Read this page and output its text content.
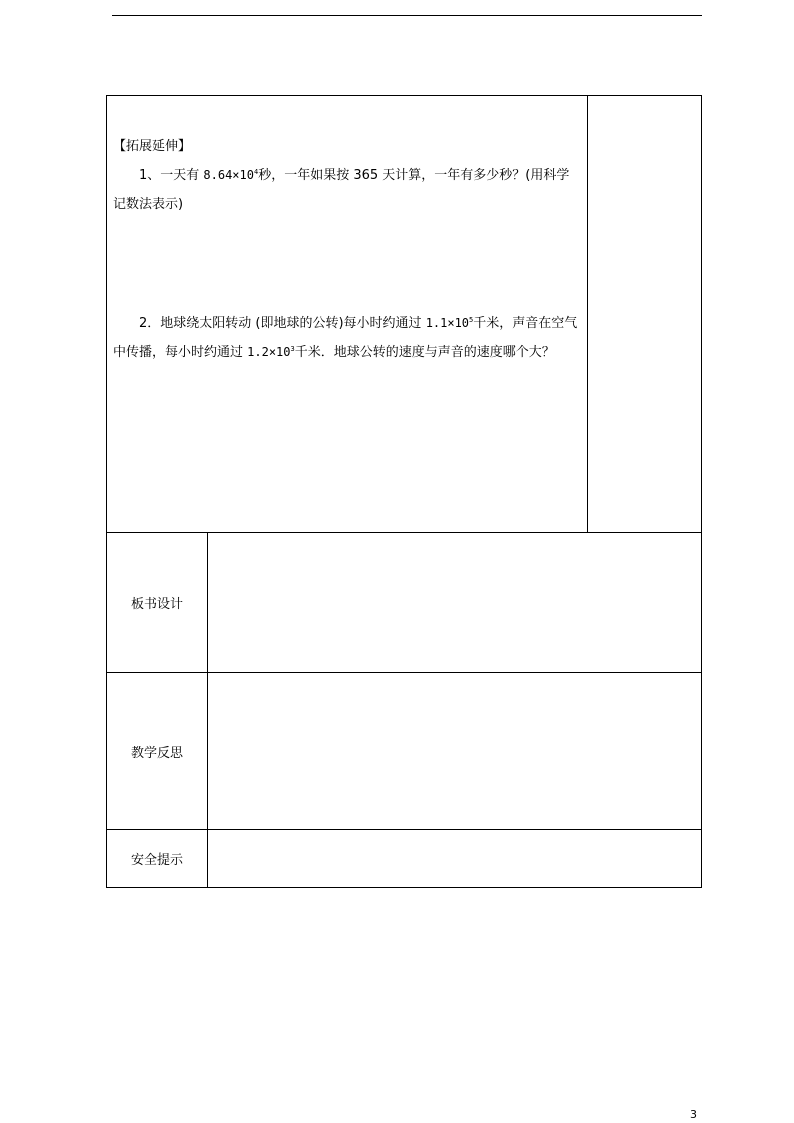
【拓展延伸】

1、一天有 $8.64\times 10^4$秒，一年如果按 365 天计算，一年有多少秒？(用科学记数法表示)

2．地球绕太阳转动 (即地球的公转)每小时约通过 $1.1\times 10^5$千米，声音在空气中传播，每小时约通过 $1.2\times 10^3$千米．地球公转的速度与声音的速度哪个大？		

板书设计		
教学反思		
安全提示		
3
